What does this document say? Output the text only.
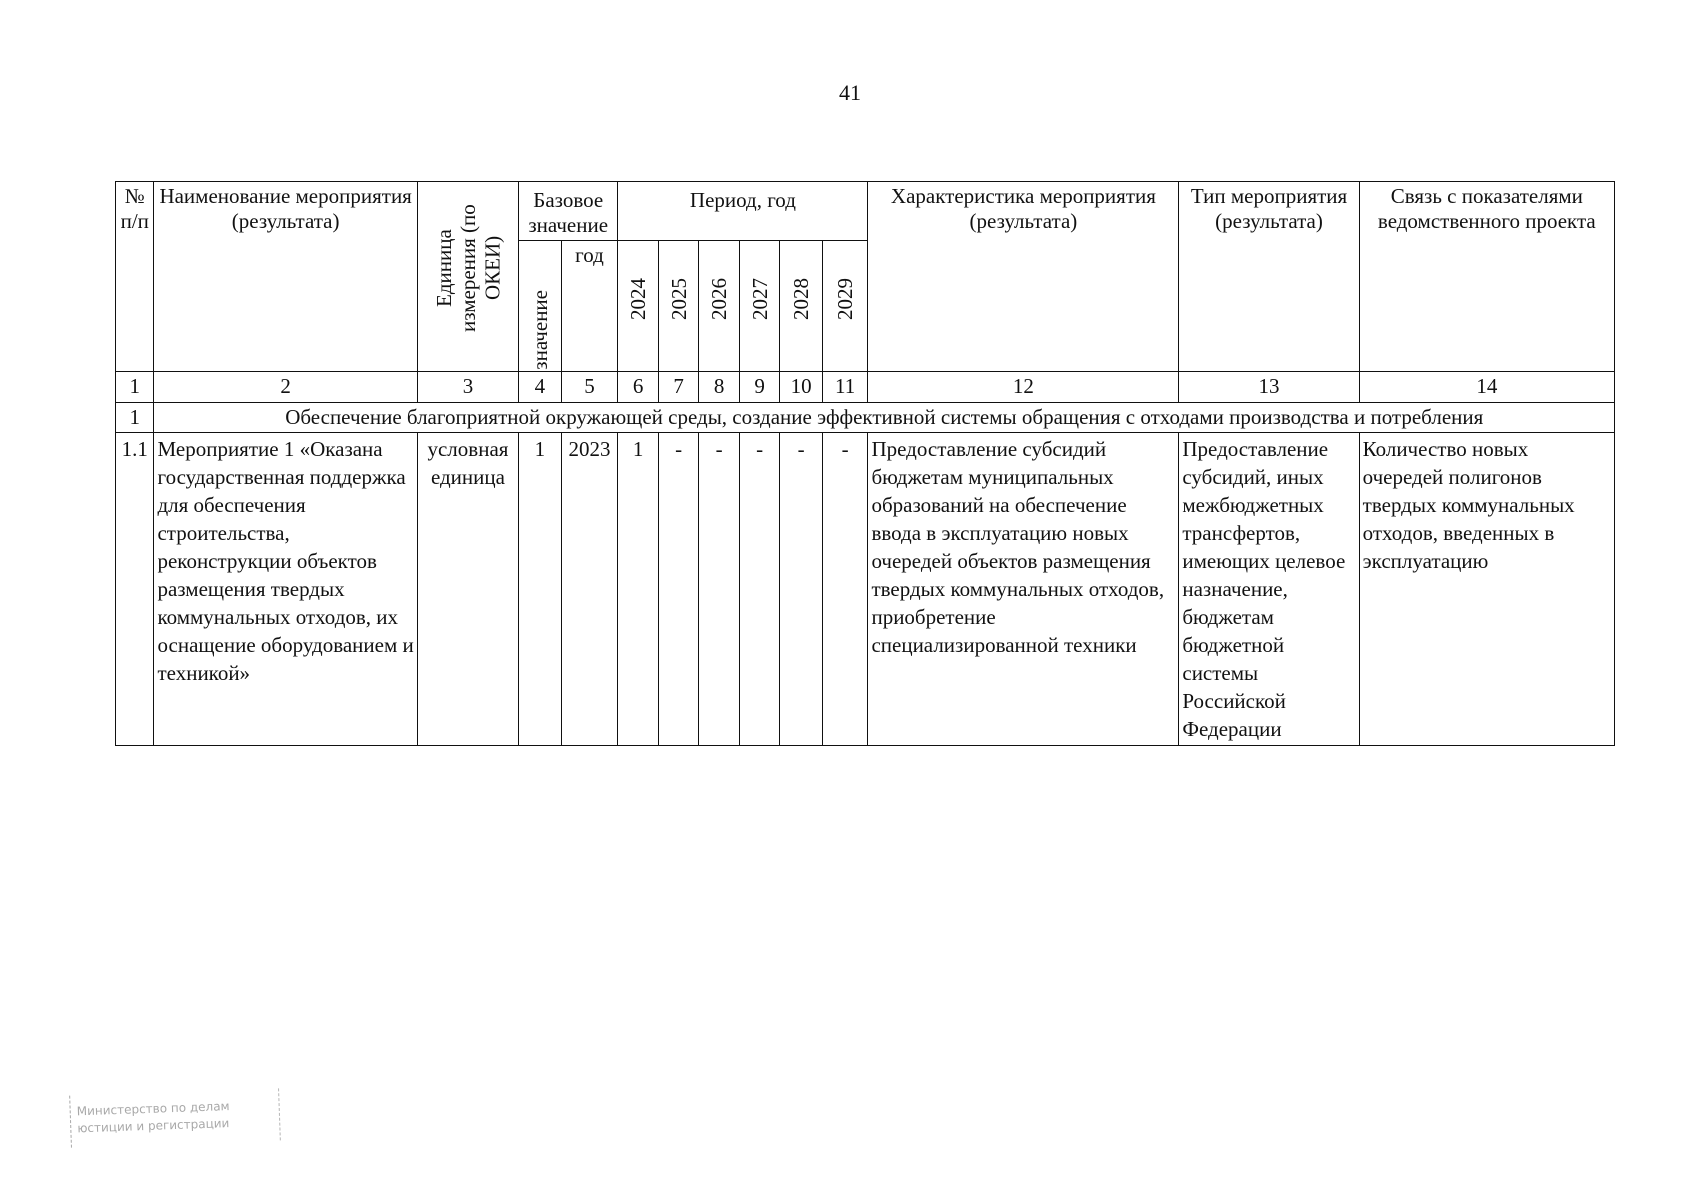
41
№ п/п	Наименование мероприятия (результата)	Единица измерения (по ОКЕИ)	Базовое значение		Период, год						Характеристика мероприятия (результата)	Тип мероприятия (результата)	Связь с показателями ведомственного проекта

			значение	год	2024	2025	2026	2027	2028	2029			

1	2	3	4	5	6	7	8	9	10	11	12	13	14
1	Обеспечение благоприятной окружающей среды, создание эффективной системы обращения с отходами производства и потребления												
1.1	Мероприятие 1 «Оказана государственная поддержка для обеспечения строительства, реконструкции объектов размещения твердых коммунальных отходов, их оснащение оборудованием и техникой»	условная единица	1	2023	1	-	-	-	-	-	Предоставление субсидий бюджетам муниципальных образований на обеспечение ввода в эксплуатацию новых очередей объектов размещения твердых коммунальных отходов, приобретение специализированной техники	Предоставление субсидий, иных межбюджетных трансфертов, имеющих целевое назначение, бюджетам бюджетной системы Российской Федерации	Количество новых очередей полигонов твердых коммунальных отходов, введенных в эксплуатацию
Министерство по делам
юстиции и регистрации
